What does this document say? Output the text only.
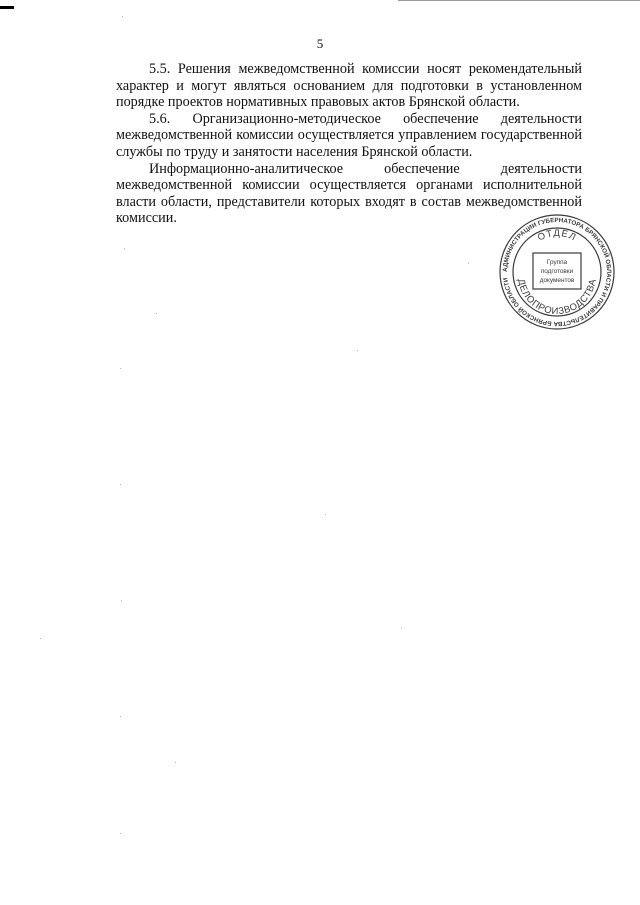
5

5.5. Решения межведомственной комиссии носят рекомендательный характер и могут являться основанием для подготовки в установленном порядке проектов нормативных правовых актов Брянской области.

5.6. Организационно-методическое обеспечение деятельности межведомственной комиссии осуществляется управлением государственной службы по труду и занятости населения Брянской области.

Информационно-аналитическое обеспечение деятельности межведомственной комиссии осуществляется органами исполнительной власти области, представители которых входят в состав межведомственной комиссии.

АДМИНИСТРАЦИИ ГУБЕРНАТОРА БРЯНСКОЙ ОБЛАСТИ И ПРАВИТЕЛЬСТВА БРЯНСКОЙ ОБЛАСТИ
ОТДЕЛ
ДЕЛОПРОИЗВОДСТВА
Группа
подготовки
документов
